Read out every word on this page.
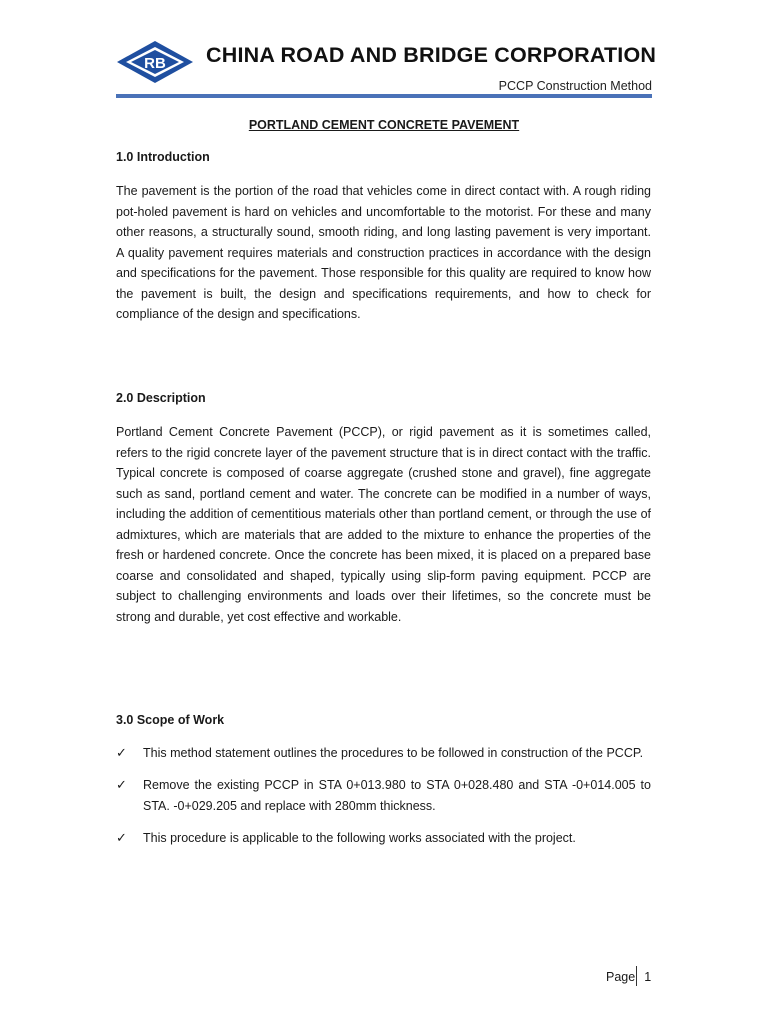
RB CHINA ROAD AND BRIDGE CORPORATION
PCCP Construction Method
PORTLAND CEMENT CONCRETE PAVEMENT
1.0 Introduction

The pavement is the portion of the road that vehicles come in direct contact with. A rough riding pot-holed pavement is hard on vehicles and uncomfortable to the motorist. For these and many other reasons, a structurally sound, smooth riding, and long lasting pavement is very important. A quality pavement requires materials and construction practices in accordance with the design and specifications for the pavement. Those responsible for this quality are required to know how the pavement is built, the design and specifications requirements, and how to check for compliance of the design and specifications.

2.0 Description

Portland Cement Concrete Pavement (PCCP), or rigid pavement as it is sometimes called, refers to the rigid concrete layer of the pavement structure that is in direct contact with the traffic. Typical concrete is composed of coarse aggregate (crushed stone and gravel), fine aggregate such as sand, portland cement and water. The concrete can be modified in a number of ways, including the addition of cementitious materials other than portland cement, or through the use of admixtures, which are materials that are added to the mixture to enhance the properties of the fresh or hardened concrete. Once the concrete has been mixed, it is placed on a prepared base coarse and consolidated and shaped, typically using slip-form paving equipment. PCCP are subject to challenging environments and loads over their lifetimes, so the concrete must be strong and durable, yet cost effective and workable.

3.0 Scope of Work
✓ This method statement outlines the procedures to be followed in construction of the PCCP.
✓ Remove the existing PCCP in STA 0+013.980 to STA 0+028.480 and STA -0+014.005 to STA. -0+029.205 and replace with 280mm thickness.
✓ This procedure is applicable to the following works associated with the project.
Page 1
